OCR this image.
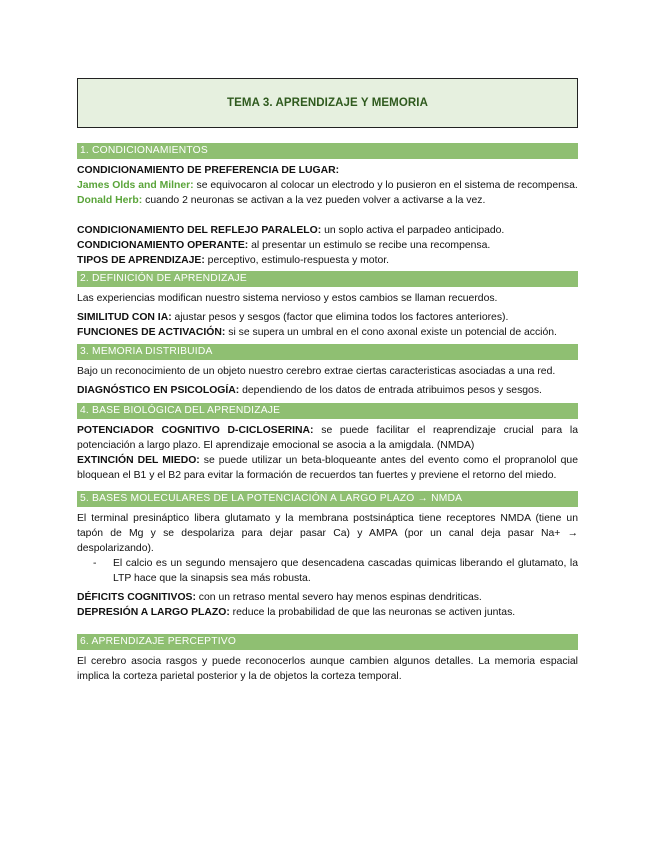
TEMA 3. APRENDIZAJE Y MEMORIA
1. CONDICIONAMIENTOS

CONDICIONAMIENTO DE PREFERENCIA DE LUGAR:

James Olds and Milner: se equivocaron al colocar un electrodo y lo pusieron en el sistema de recompensa.

Donald Herb: cuando 2 neuronas se activan a la vez pueden volver a activarse a la vez.

CONDICIONAMIENTO DEL REFLEJO PARALELO: un soplo activa el parpadeo anticipado.

CONDICIONAMIENTO OPERANTE: al presentar un estimulo se recibe una recompensa.

TIPOS DE APRENDIZAJE: perceptivo, estimulo-respuesta y motor.

2. DEFINICIÓN DE APRENDIZAJE

Las experiencias modifican nuestro sistema nervioso y estos cambios se llaman recuerdos.

SIMILITUD CON IA: ajustar pesos y sesgos (factor que elimina todos los factores anteriores).

FUNCIONES DE ACTIVACIÓN: si se supera un umbral en el cono axonal existe un potencial de acción.

3. MEMORIA DISTRIBUIDA

Bajo un reconocimiento de un objeto nuestro cerebro extrae ciertas caracteristicas asociadas a una red.

DIAGNÓSTICO EN PSICOLOGÍA: dependiendo de los datos de entrada atribuimos pesos y sesgos.

4. BASE BIOLÓGICA DEL APRENDIZAJE

POTENCIADOR COGNITIVO D-CICLOSERINA: se puede facilitar el reaprendizaje crucial para la potenciación a largo plazo. El aprendizaje emocional se asocia a la amigdala. (NMDA)

EXTINCIÓN DEL MIEDO: se puede utilizar un beta-bloqueante antes del evento como el propranolol que bloquean el B1 y el B2 para evitar la formación de recuerdos tan fuertes y previene el retorno del miedo.

5. BASES MOLECULARES DE LA POTENCIACIÓN A LARGO PLAZO → NMDA

El terminal presináptico libera glutamato y la membrana postsináptica tiene receptores NMDA (tiene un tapón de Mg y se despolariza para dejar pasar Ca) y AMPA (por un canal deja pasar Na+ → despolarizando).

- El calcio es un segundo mensajero que desencadena cascadas quimicas liberando el glutamato, la LTP hace que la sinapsis sea más robusta.

DÉFICITS COGNITIVOS: con un retraso mental severo hay menos espinas dendriticas.

DEPRESIÓN A LARGO PLAZO: reduce la probabilidad de que las neuronas se activen juntas.

6. APRENDIZAJE PERCEPTIVO

El cerebro asocia rasgos y puede reconocerlos aunque cambien algunos detalles. La memoria espacial implica la corteza parietal posterior y la de objetos la corteza temporal.
